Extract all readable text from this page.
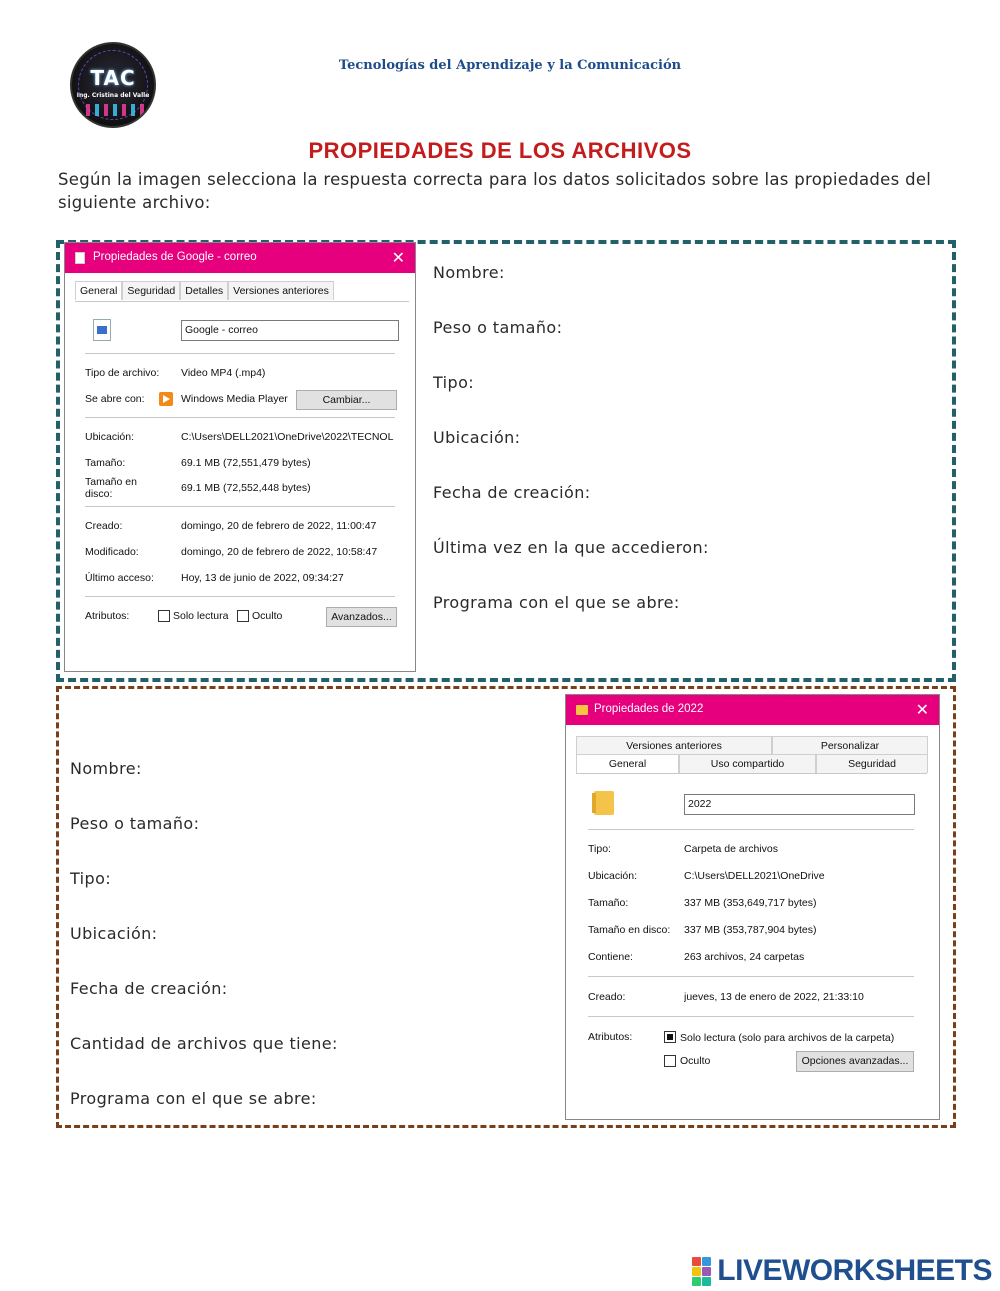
TAC
Ing. Cristina del Valle
Tecnologías del Aprendizaje y la Comunicación
PROPIEDADES DE LOS ARCHIVOS
Según la imagen selecciona la respuesta correcta para los datos solicitados sobre las propiedades del siguiente archivo:
Propiedades de Google - correo	✕
General Seguridad Detalles Versiones anteriores
Google - correo
Tipo de archivo: Video MP4 (.mp4)
Se abre con:	Windows Media Player	Cambiar...
Ubicación:	C:\Users\DELL2021\OneDrive\2022\TECNOL
Tamaño:	69.1 MB (72,551,479 bytes)
Tamaño en disco:	69.1 MB (72,552,448 bytes)
Creado:	domingo, 20 de febrero de 2022, 11:00:47
Modificado:	domingo, 20 de febrero de 2022, 10:58:47
Último acceso:	Hoy, 13 de junio de 2022, 09:34:27
Atributos:	Solo lectura Oculto	Avanzados...
Nombre:
Peso o tamaño:
Tipo:
Ubicación:
Fecha de creación:
Última vez en la que accedieron:
Programa con el que se abre:
Nombre:
Peso o tamaño:
Tipo:
Ubicación:
Fecha de creación:
Cantidad de archivos que tiene:
Programa con el que se abre:
Propiedades de 2022	✕
Versiones anteriores	Personalizar
General	Uso compartido	Seguridad
2022
Tipo:	Carpeta de archivos
Ubicación:	C:\Users\DELL2021\OneDrive
Tamaño:	337 MB (353,649,717 bytes)
Tamaño en disco: 337 MB (353,787,904 bytes)
Contiene:	263 archivos, 24 carpetas
Creado:	jueves, 13 de enero de 2022, 21:33:10
Atributos:	Solo lectura (solo para archivos de la carpeta)
Oculto	Opciones avanzadas...
LIVEWORKSHEETS
